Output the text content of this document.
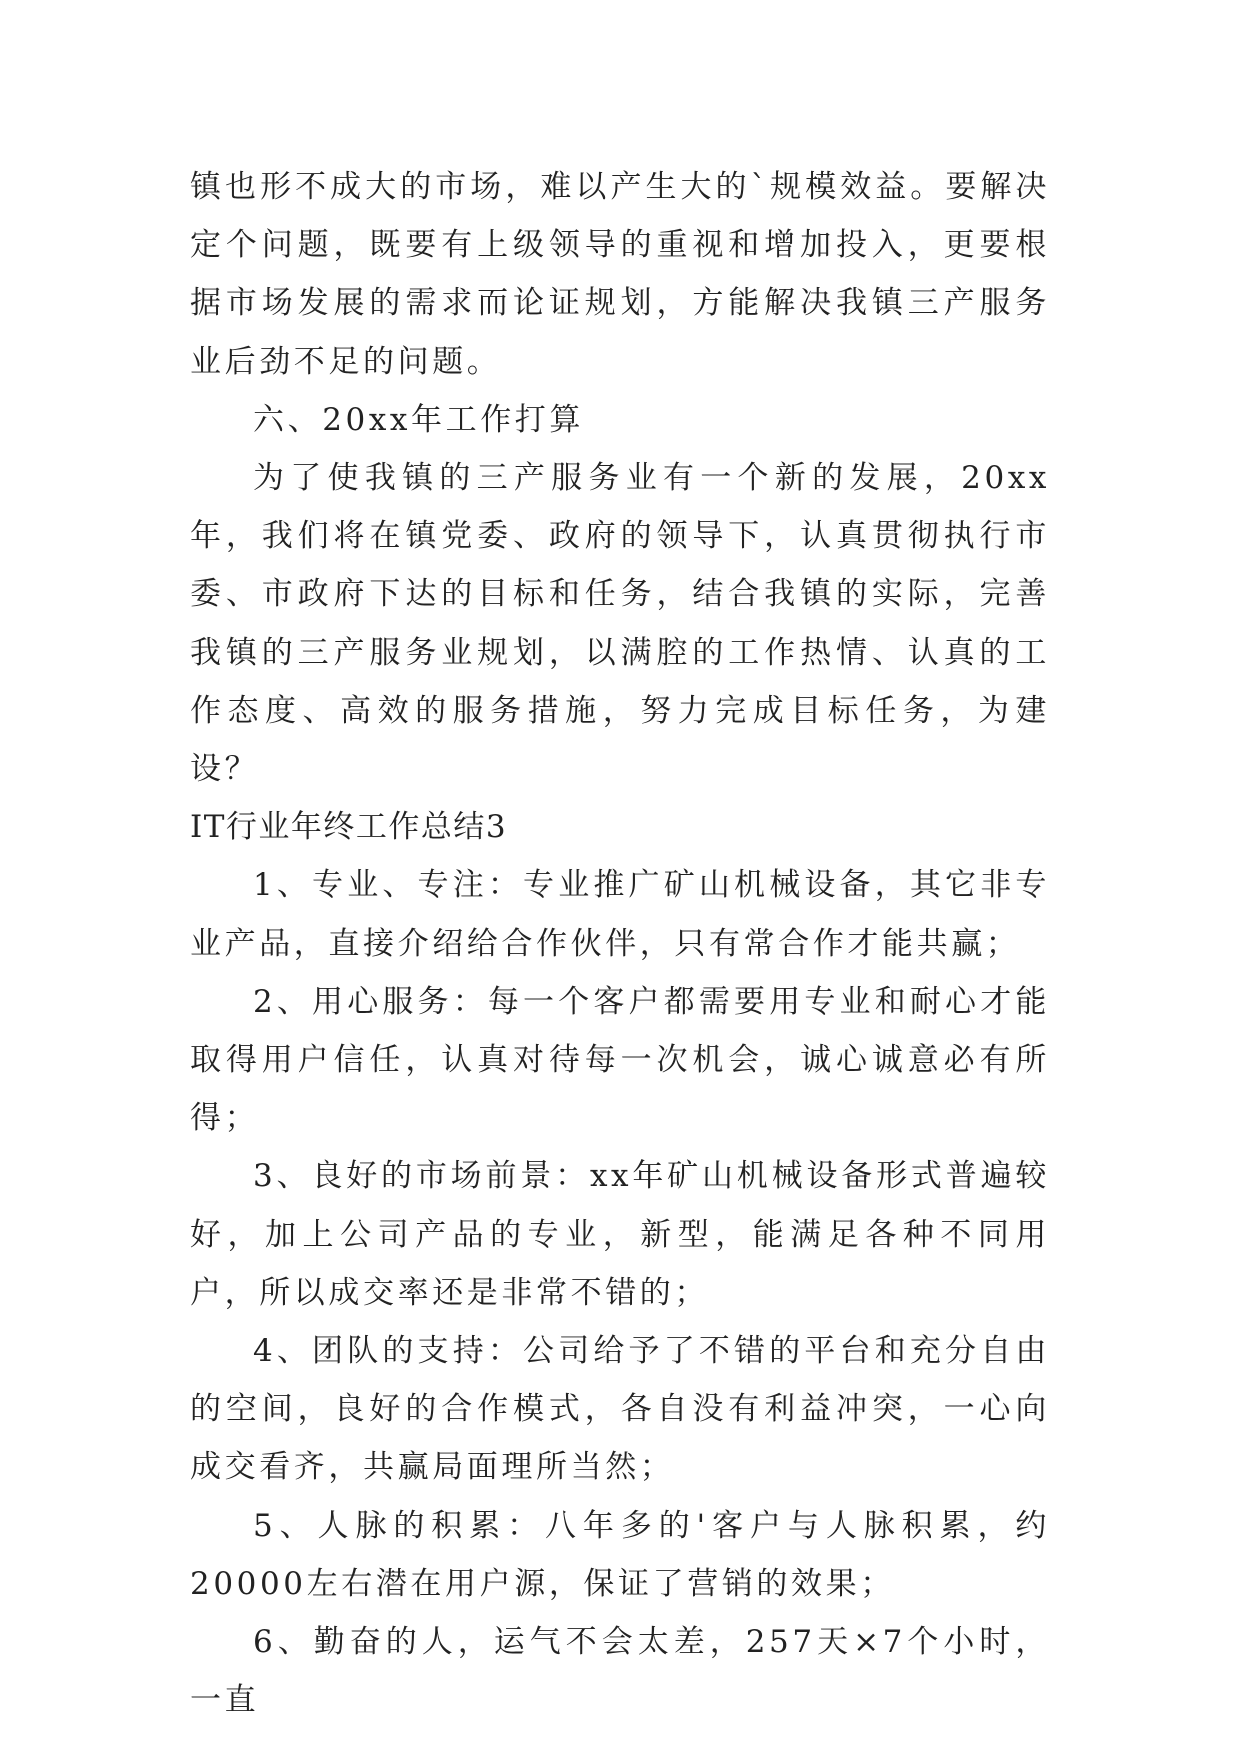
镇也形不成大的市场，难以产生大的`规模效益。要解决定个问题，既要有上级领导的重视和增加投入，更要根据市场发展的需求而论证规划，方能解决我镇三产服务业后劲不足的问题。

六、20xx年工作打算

为了使我镇的三产服务业有一个新的发展，20xx年，我们将在镇党委、政府的领导下，认真贯彻执行市委、市政府下达的目标和任务，结合我镇的实际，完善我镇的三产服务业规划，以满腔的工作热情、认真的工作态度、高效的服务措施，努力完成目标任务，为建设？

IT行业年终工作总结3

1、专业、专注：专业推广矿山机械设备，其它非专业产品，直接介绍给合作伙伴，只有常合作才能共赢；

2、用心服务：每一个客户都需要用专业和耐心才能取得用户信任，认真对待每一次机会，诚心诚意必有所得；

3、良好的市场前景：xx年矿山机械设备形式普遍较好，加上公司产品的专业，新型，能满足各种不同用户，所以成交率还是非常不错的；

4、团队的支持：公司给予了不错的平台和充分自由的空间，良好的合作模式，各自没有利益冲突，一心向成交看齐，共赢局面理所当然；

5、人脉的积累：八年多的'客户与人脉积累，约20000左右潜在用户源，保证了营销的效果；

6、勤奋的人，运气不会太差，257天×7个小时，一直
